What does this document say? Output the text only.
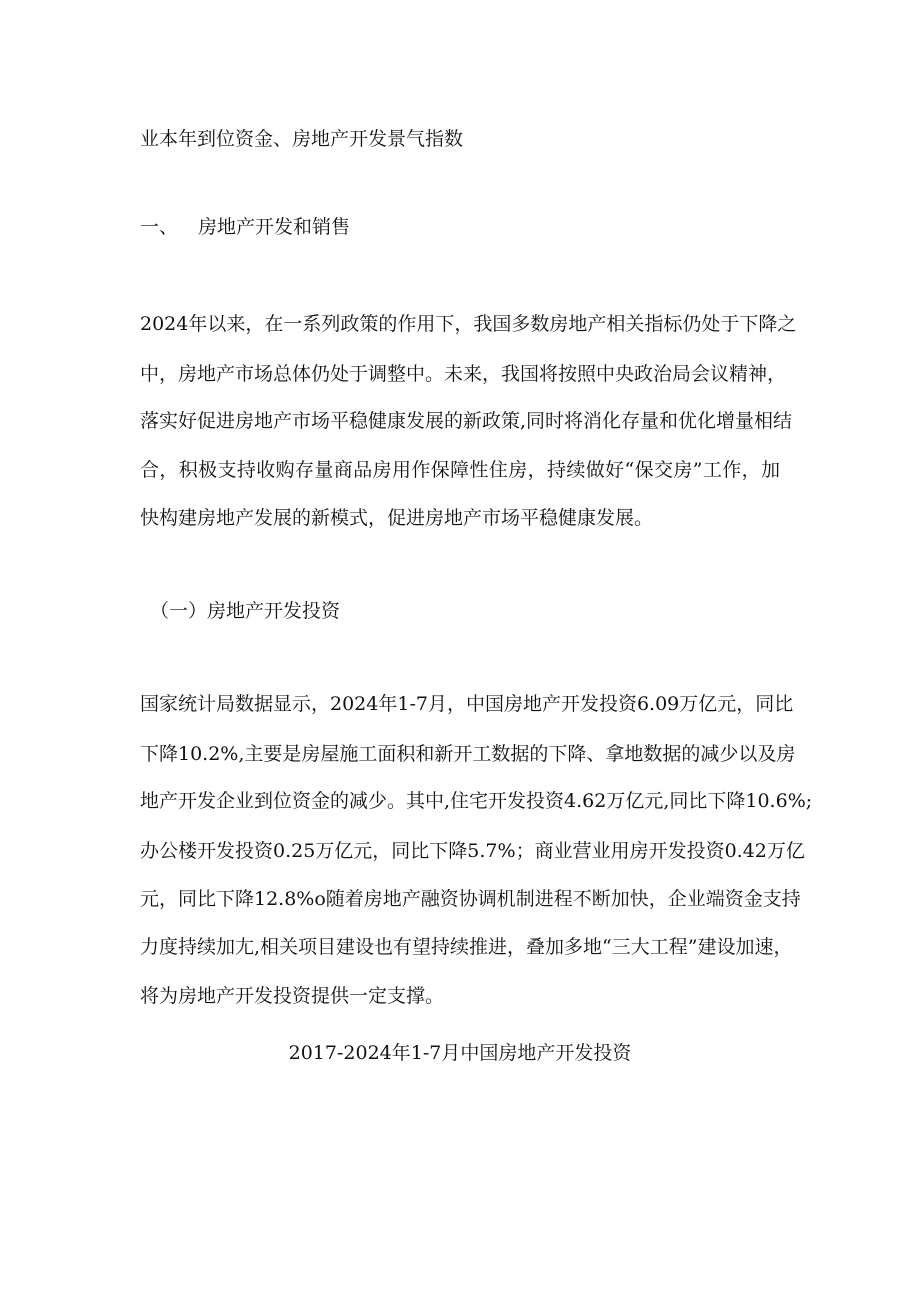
业本年到位资金、房地产开发景气指数
一、 房地产开发和销售
2024年以来，在一系列政策的作用下，我国多数房地产相关指标仍处于下降之
中，房地产市场总体仍处于调整中。未来，我国将按照中央政治局会议精神，
落实好促进房地产市场平稳健康发展的新政策,同时将消化存量和优化增量相结
合，积极支持收购存量商品房用作保障性住房，持续做好“保交房”工作，加
快构建房地产发展的新模式，促进房地产市场平稳健康发展。
（一）房地产开发投资
国家统计局数据显示，2024年1-7月，中国房地产开发投资6.09万亿元，同比
下降10.2%,主要是房屋施工面积和新开工数据的下降、拿地数据的减少以及房
地产开发企业到位资金的减少。其中,住宅开发投资4.62万亿元,同比下降10.6%;
办公楼开发投资0.25万亿元，同比下降5.7%；商业营业用房开发投资0.42万亿
元，同比下降12.8%o随着房地产融资协调机制进程不断加快，企业端资金支持
力度持续加尢,相关项目建设也有望持续推进，叠加多地“三大工程”建设加速，
将为房地产开发投资提供一定支撑。
2017-2024年1-7月中国房地产开发投资
